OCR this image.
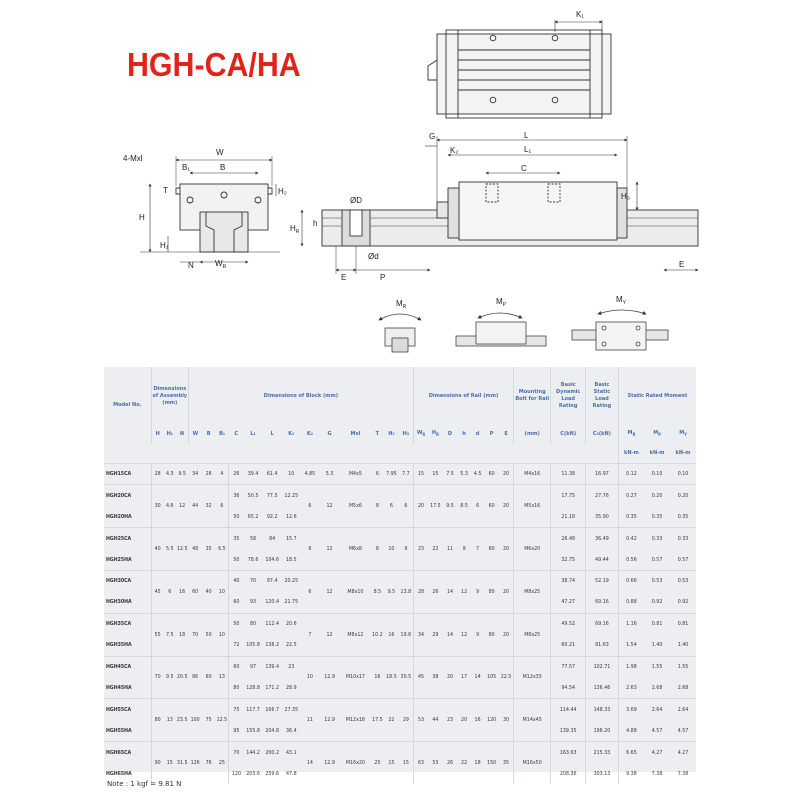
HGH-CA/HA
K₁
W
4-Mxl
B₁	B
T	H₂
H
H₁
N	$W_R$
G	L
K₂	L₁
C
H₃
$H_R$
h
ØD
Ød
E	P
E
$M_R$
$M_P$
$M_Y$
Model No.	Dimensions of Assembly (mm)			Dimensions of Block (mm)													Dimensions of Rail (mm)							Mounting Bolt for Rail	Basic Dynamic Load Rating	Basic Static Load Rating	Static Rated Moment		
	H	H₁	N	W	B	B₁	C	L₁	L	K₁	K₂	G	Mxl	T	H₂	H₃	$W_R$	$H_R$	D	h	d	P	E	(mm)	C(kN)	C₀(kN)	$M_R$	$M_P$	$M_Y$
																											kN-m	kN-m	kN-m
HGH15CA	28	4.3	9.5	34	26	4	26	39.4	61.4	10	4.85	5.3	M4x5	6	7.95	7.7	15	15	7.5	5.3	4.5	60	20	M4x16	11.38	16.97	0.12	0.10	0.10
HGH20CA	30	4.6	12	44	32	6	36	50.5	77.5	12.25	6	12	M5x6	8	6	6	20	17.5	9.5	8.5	6	60	20	M5x16	17.75	27.76	0.27	0.20	0.20
HGH20HA							50	65.2	92.2	12.6															21.18	35.90	0.35	0.35	0.35
HGH25CA	40	5.5	12.5	48	35	6.5	35	58	84	15.7	6	12	M6x8	8	10	9	23	22	11	9	7	60	20	M6x20	26.48	36.49	0.42	0.33	0.33
HGH25HA							50	78.6	104.6	18.5															32.75	49.44	0.56	0.57	0.57
HGH30CA	45	6	16	60	40	10	40	70	97.4	20.25	6	12	M8x10	8.5	9.5	13.8	28	26	14	12	9	80	20	M8x25	38.74	52.19	0.66	0.53	0.53
HGH30HA							60	93	120.4	21.75															47.27	69.16	0.88	0.92	0.92
HGH35CA	55	7.5	18	70	50	10	50	80	112.4	20.6	7	12	M8x12	10.2	16	19.6	34	29	14	12	9	80	20	M8x25	49.52	69.16	1.16	0.81	0.81
HGH35HA							72	105.8	138.2	22.5															60.21	91.63	1.54	1.40	1.40
HGH45CA	70	9.5	20.5	86	60	13	60	97	139.4	23	10	12.9	M10x17	16	18.5	30.5	45	38	20	17	14	105	22.5	M12x35	77.57	102.71	1.98	1.55	1.55
HGH45HA							80	128.8	171.2	28.9															94.54	136.46	2.63	2.68	2.68
HGH55CA	80	13	23.5	100	75	12.5	75	117.7	166.7	27.35	11	12.9	M12x18	17.5	22	29	53	44	23	20	16	120	30	M14x45	114.44	148.33	3.69	2.64	2.64
HGH55HA							95	155.8	204.8	36.4															139.35	196.20	4.88	4.57	4.57
HGH65CA	90	15	31.5	126	76	25	70	144.2	200.2	43.1	14	12.9	M16x20	25	15	15	63	53	26	22	18	150	35	M16x50	163.63	215.33	6.65	4.27	4.27
HGH65HA							120	203.6	259.6	47.8															208.36	303.13	9.38	7.38	7.38
Note : 1 kgf = 9.81 N
